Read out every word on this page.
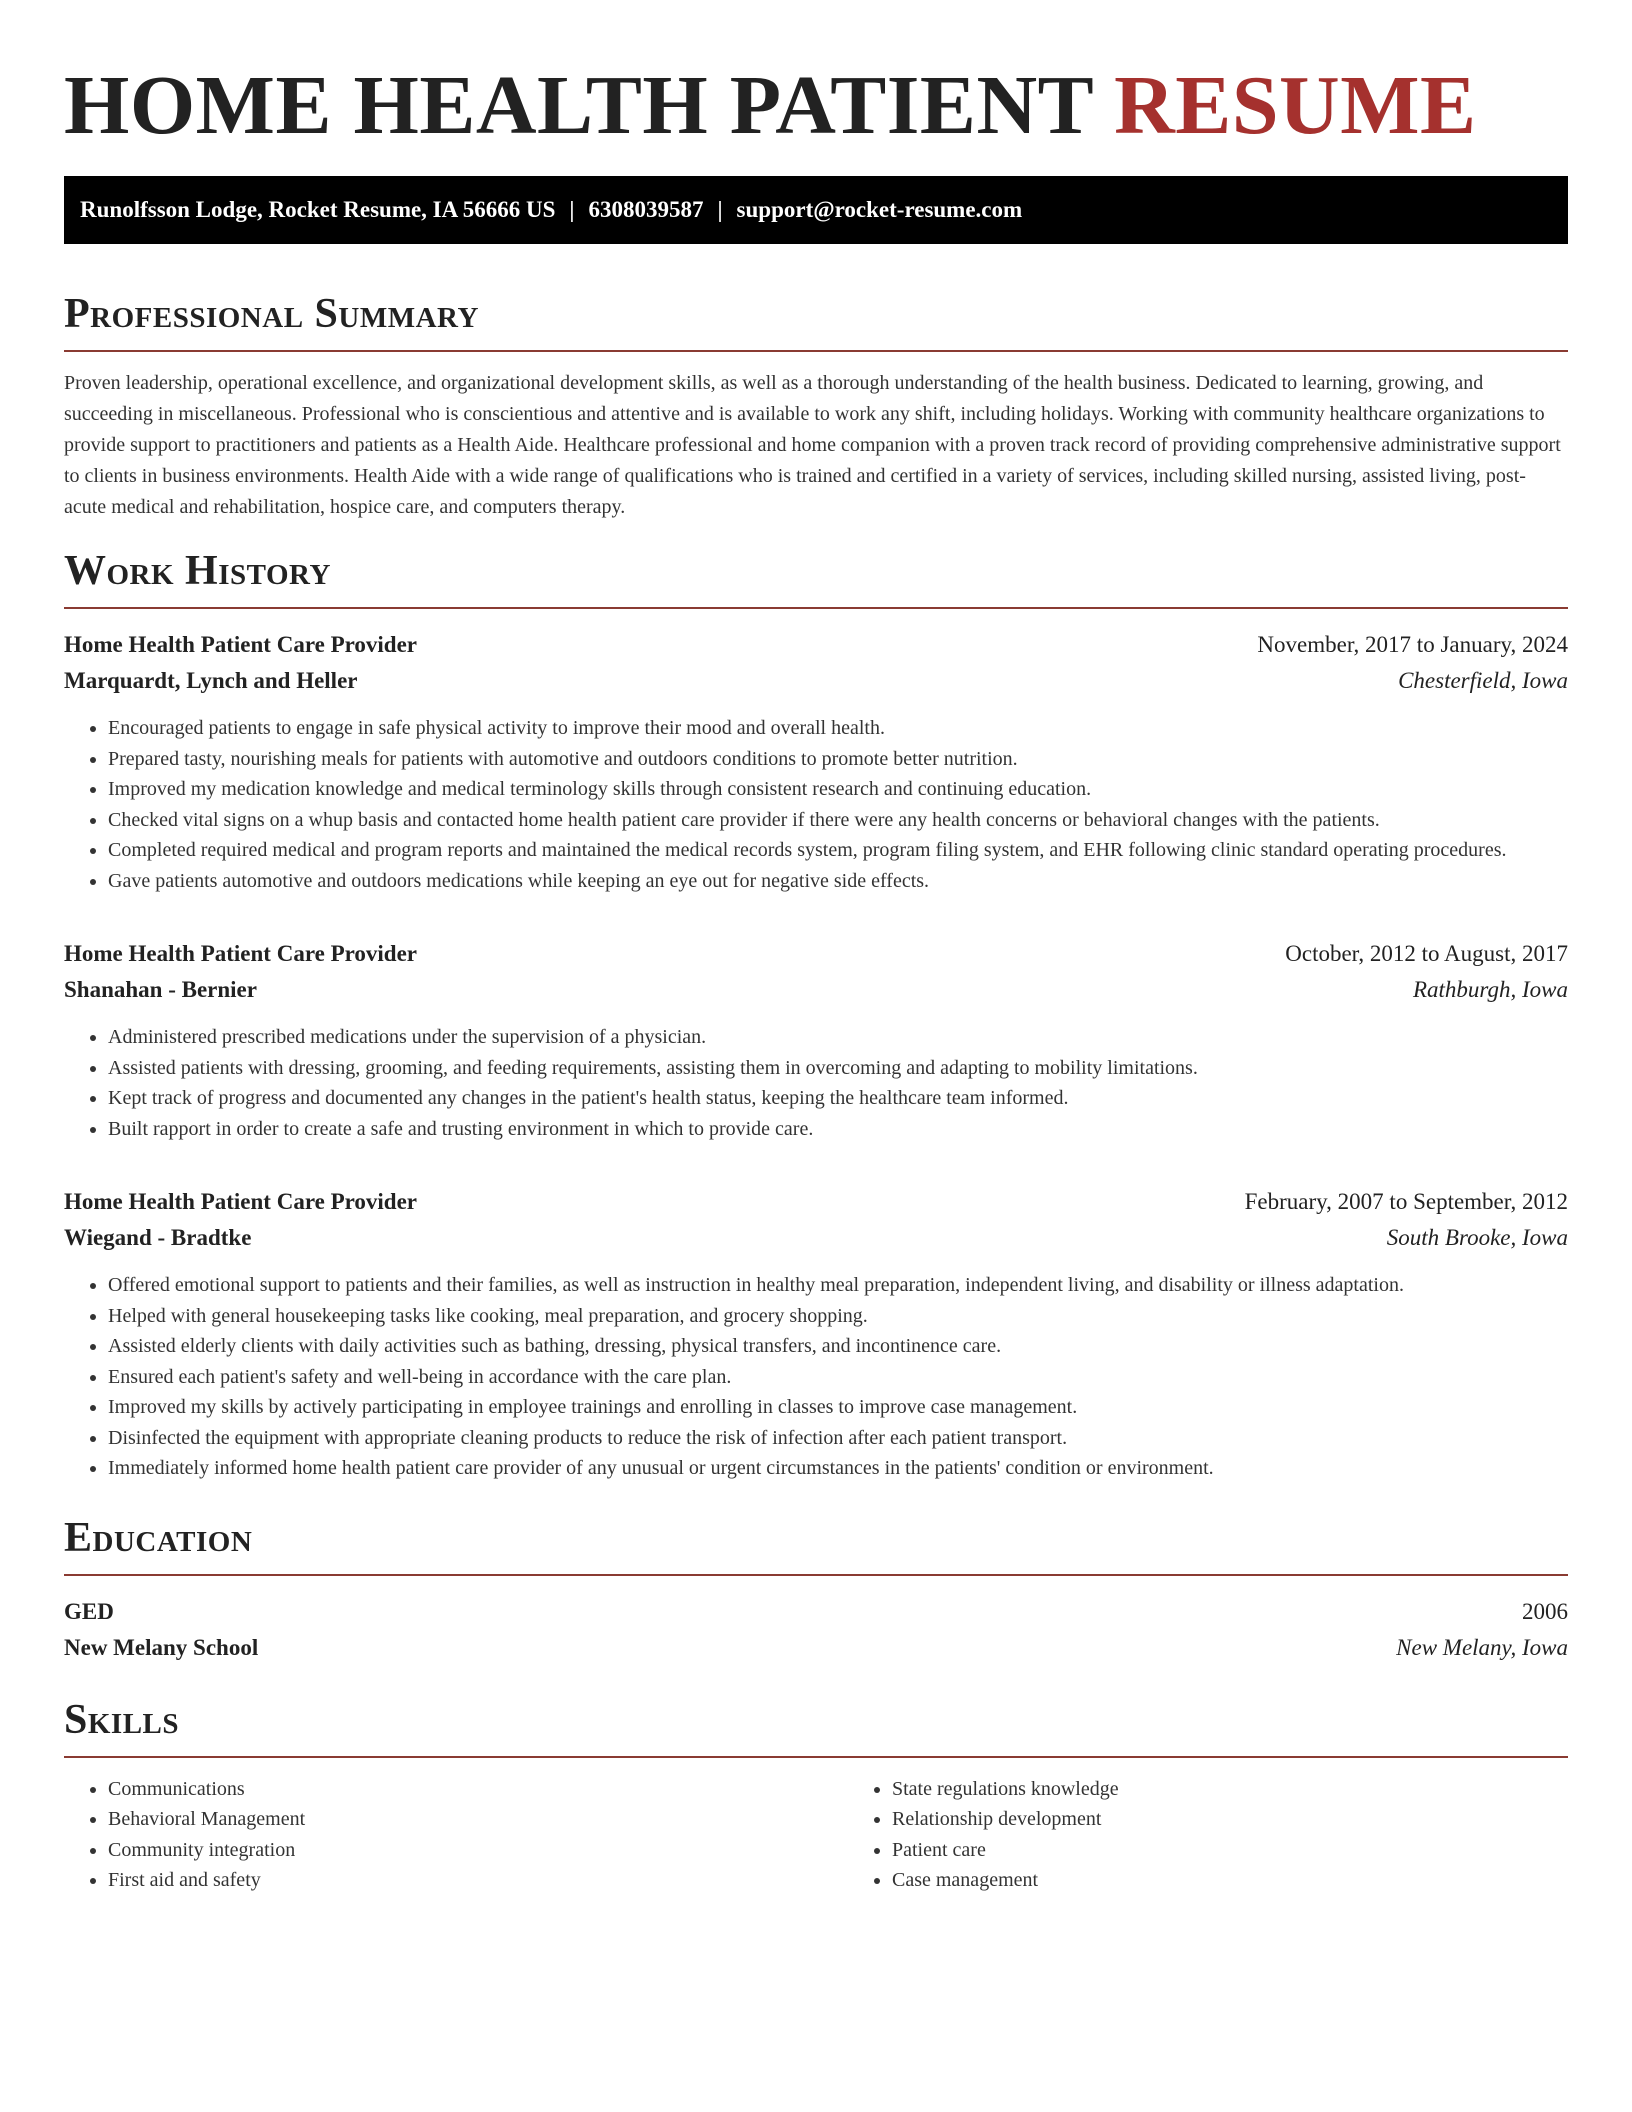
HOME HEALTH PATIENT RESUME
Runolfsson Lodge, Rocket Resume, IA 56666 US | 6308039587 | support@rocket-resume.com
Professional Summary

Proven leadership, operational excellence, and organizational development skills, as well as a thorough understanding of the health business. Dedicated to learning, growing, and succeeding in miscellaneous. Professional who is conscientious and attentive and is available to work any shift, including holidays. Working with community healthcare organizations to provide support to practitioners and patients as a Health Aide. Healthcare professional and home companion with a proven track record of providing comprehensive administrative support to clients in business environments. Health Aide with a wide range of qualifications who is trained and certified in a variety of services, including skilled nursing, assisted living, post-acute medical and rehabilitation, hospice care, and computers therapy.

Work History
Home Health Patient Care Provider	November, 2017 to January, 2024
Marquardt, Lynch and Heller	Chesterfield, Iowa
• Encouraged patients to engage in safe physical activity to improve their mood and overall health.
• Prepared tasty, nourishing meals for patients with automotive and outdoors conditions to promote better nutrition.
• Improved my medication knowledge and medical terminology skills through consistent research and continuing education.
• Checked vital signs on a whup basis and contacted home health patient care provider if there were any health concerns or behavioral changes with the patients.
• Completed required medical and program reports and maintained the medical records system, program filing system, and EHR following clinic standard operating procedures.
• Gave patients automotive and outdoors medications while keeping an eye out for negative side effects.
Home Health Patient Care Provider	October, 2012 to August, 2017
Shanahan - Bernier	Rathburgh, Iowa
• Administered prescribed medications under the supervision of a physician.
• Assisted patients with dressing, grooming, and feeding requirements, assisting them in overcoming and adapting to mobility limitations.
• Kept track of progress and documented any changes in the patient's health status, keeping the healthcare team informed.
• Built rapport in order to create a safe and trusting environment in which to provide care.
Home Health Patient Care Provider	February, 2007 to September, 2012
Wiegand - Bradtke	South Brooke, Iowa
• Offered emotional support to patients and their families, as well as instruction in healthy meal preparation, independent living, and disability or illness adaptation.
• Helped with general housekeeping tasks like cooking, meal preparation, and grocery shopping.
• Assisted elderly clients with daily activities such as bathing, dressing, physical transfers, and incontinence care.
• Ensured each patient's safety and well-being in accordance with the care plan.
• Improved my skills by actively participating in employee trainings and enrolling in classes to improve case management.
• Disinfected the equipment with appropriate cleaning products to reduce the risk of infection after each patient transport.
• Immediately informed home health patient care provider of any unusual or urgent circumstances in the patients' condition or environment.
Education
GED	2006
New Melany School	New Melany, Iowa
Skills
• Communications
• Behavioral Management
• Community integration
• First aid and safety
• State regulations knowledge
• Relationship development
• Patient care
• Case management
